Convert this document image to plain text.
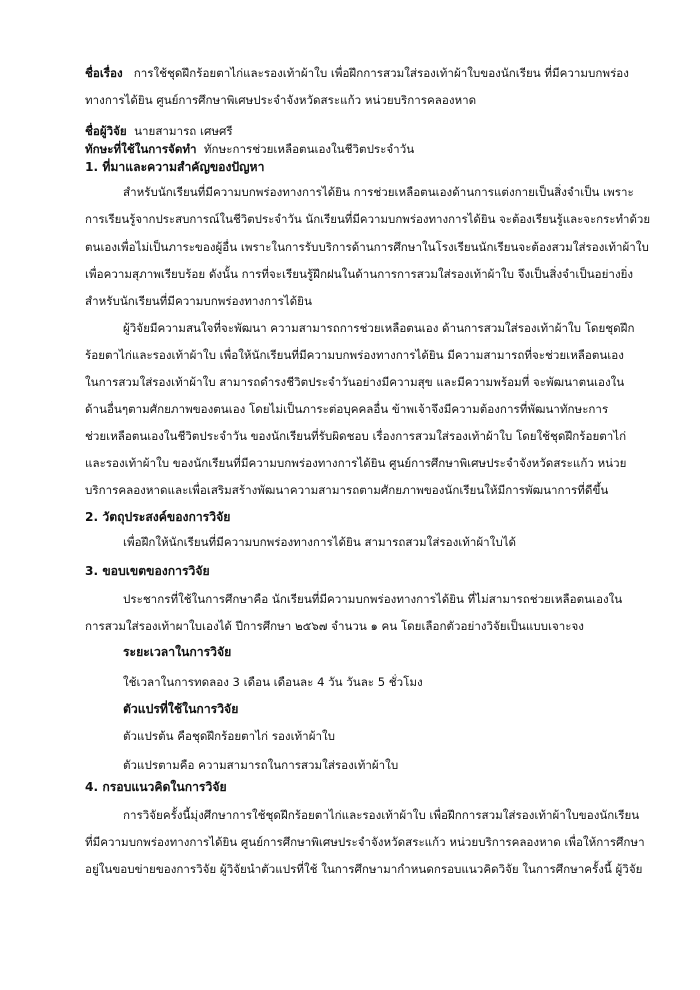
ชื่อเรื่อง การใช้ชุดฝึกร้อยตาไก่และรองเท้าผ้าใบ เพื่อฝึกการสวมใส่รองเท้าผ้าใบของนักเรียน ที่มีความบกพร่อง
ทางการได้ยิน ศูนย์การศึกษาพิเศษประจำจังหวัดสระแก้ว หน่วยบริการคลองหาด
ชื่อผู้วิจัย นายสามารถ เศษศรี
ทักษะที่ใช้ในการจัดทำ ทักษะการช่วยเหลือตนเองในชีวิตประจำวัน
1. ที่มาและความสำคัญของปัญหา
สำหรับนักเรียนที่มีความบกพร่องทางการได้ยิน การช่วยเหลือตนเองด้านการแต่งกายเป็นสิ่งจำเป็น เพราะ
การเรียนรู้จากประสบการณ์ในชีวิตประจำวัน นักเรียนที่มีความบกพร่องทางการได้ยิน จะต้องเรียนรู้และจะกระทำด้วย
ตนเองเพื่อไม่เป็นภาระของผู้อื่น เพราะในการรับบริการด้านการศึกษาในโรงเรียนนักเรียนจะต้องสวมใส่รองเท้าผ้าใบ
เพื่อความสุภาพเรียบร้อย ดังนั้น การที่จะเรียนรู้ฝึกฝนในด้านการการสวมใส่รองเท้าผ้าใบ จึงเป็นสิ่งจำเป็นอย่างยิ่ง
สำหรับนักเรียนที่มีความบกพร่องทางการได้ยิน
ผู้วิจัยมีความสนใจที่จะพัฒนา ความสามารถการช่วยเหลือตนเอง ด้านการสวมใส่รองเท้าผ้าใบ โดยชุดฝึก
ร้อยตาไก่และรองเท้าผ้าใบ เพื่อให้นักเรียนที่มีความบกพร่องทางการได้ยิน มีความสามารถที่จะช่วยเหลือตนเอง
ในการสวมใส่รองเท้าผ้าใบ สามารถดำรงชีวิตประจำวันอย่างมีความสุข และมีความพร้อมที่ จะพัฒนาตนเองใน
ด้านอื่นๆตามศักยภาพของตนเอง โดยไม่เป็นภาระต่อบุคคลอื่น ข้าพเจ้าจึงมีความต้องการที่พัฒนาทักษะการ
ช่วยเหลือตนเองในชีวิตประจำวัน ของนักเรียนที่รับผิดชอบ เรื่องการสวมใส่รองเท้าผ้าใบ โดยใช้ชุดฝึกร้อยตาไก่
และรองเท้าผ้าใบ ของนักเรียนที่มีความบกพร่องทางการได้ยิน ศูนย์การศึกษาพิเศษประจำจังหวัดสระแก้ว หน่วย
บริการคลองหาดและเพื่อเสริมสร้างพัฒนาความสามารถตามศักยภาพของนักเรียนให้มีการพัฒนาการที่ดีขึ้น
2. วัตถุประสงค์ของการวิจัย
เพื่อฝึกให้นักเรียนที่มีความบกพร่องทางการได้ยิน สามารถสวมใส่รองเท้าผ้าใบได้
3. ขอบเขตของการวิจัย
ประชากรที่ใช้ในการศึกษาคือ นักเรียนที่มีความบกพร่องทางการได้ยิน ที่ไม่สามารถช่วยเหลือตนเองใน
การสวมใส่รองเท้าผาใบเองได้ ปีการศึกษา ๒๕๖๗ จำนวน ๑ คน โดยเลือกตัวอย่างวิจัยเป็นแบบเจาะจง
ระยะเวลาในการวิจัย
ใช้เวลาในการทดลอง 3 เดือน เดือนละ 4 วัน วันละ 5 ชั่วโมง
ตัวแปรที่ใช้ในการวิจัย
ตัวแปรต้น คือชุดฝึกร้อยตาไก่ รองเท้าผ้าใบ
ตัวแปรตามคือ ความสามารถในการสวมใส่รองเท้าผ้าใบ
4. กรอบแนวคิดในการวิจัย
การวิจัยครั้งนี้มุ่งศึกษาการใช้ชุดฝึกร้อยตาไก่และรองเท้าผ้าใบ เพื่อฝึกการสวมใส่รองเท้าผ้าใบของนักเรียน
ที่มีความบกพร่องทางการได้ยิน ศูนย์การศึกษาพิเศษประจำจังหวัดสระแก้ว หน่วยบริการคลองหาด เพื่อให้การศึกษา
อยู่ในขอบข่ายของการวิจัย ผู้วิจัยนำตัวแปรที่ใช้ ในการศึกษามากำหนดกรอบแนวคิดวิจัย ในการศึกษาครั้งนี้ ผู้วิจัย
